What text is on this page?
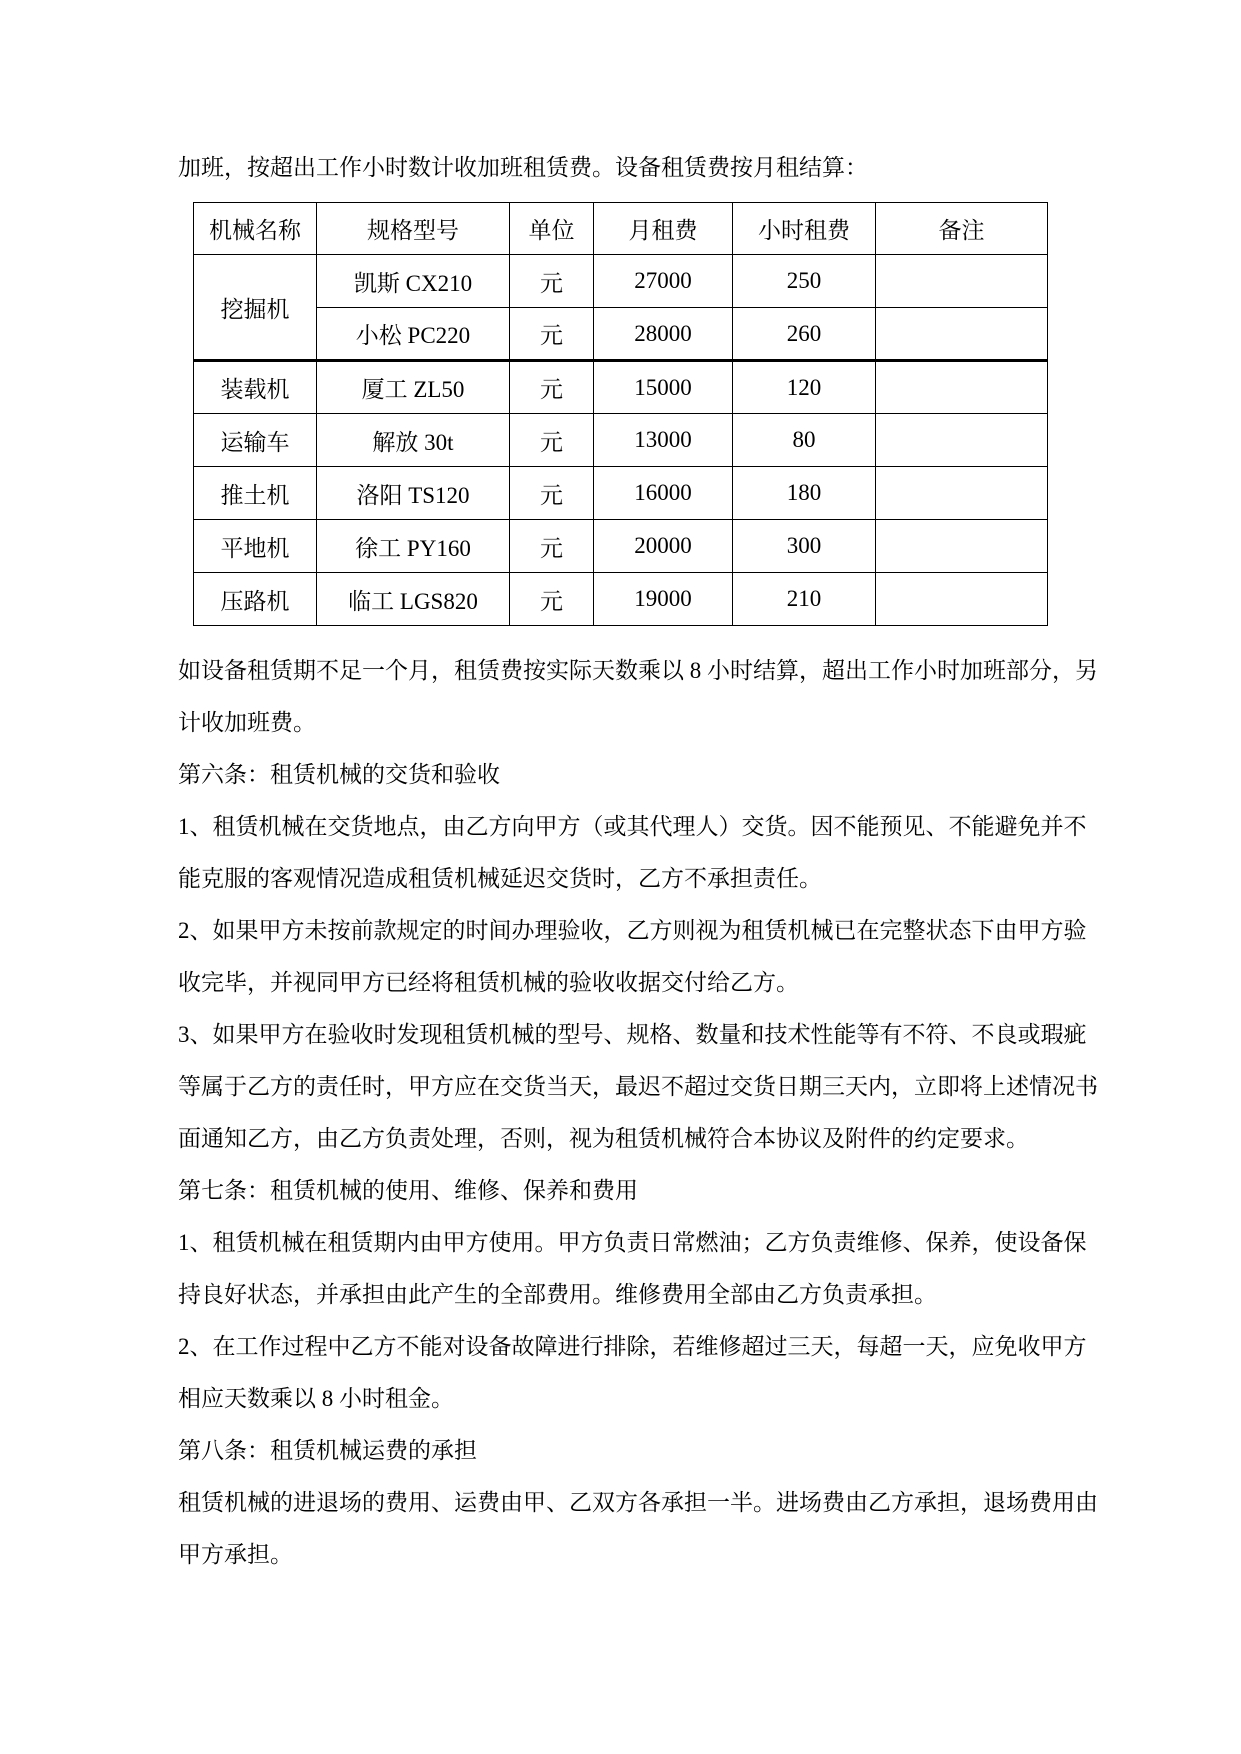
加班，按超出工作小时数计收加班租赁费。设备租赁费按月租结算：

机械名称	规格型号	单位	月租费	小时租费	备注
挖掘机	凯斯 CX210	元	27000	250	
	小松 PC220	元	28000	260	
装载机	厦工 ZL50	元	15000	120	
运输车	解放 30t	元	13000	80	
推土机	洛阳 TS120	元	16000	180	
平地机	徐工 PY160	元	20000	300	
压路机	临工 LGS820	元	19000	210	
如设备租赁期不足一个月，租赁费按实际天数乘以 8 小时结算，超出工作小时加班部分，另
计收加班费。
第六条：租赁机械的交货和验收
1、租赁机械在交货地点，由乙方向甲方（或其代理人）交货。因不能预见、不能避免并不
能克服的客观情况造成租赁机械延迟交货时，乙方不承担责任。
2、如果甲方未按前款规定的时间办理验收，乙方则视为租赁机械已在完整状态下由甲方验
收完毕，并视同甲方已经将租赁机械的验收收据交付给乙方。
3、如果甲方在验收时发现租赁机械的型号、规格、数量和技术性能等有不符、不良或瑕疵
等属于乙方的责任时，甲方应在交货当天，最迟不超过交货日期三天内，立即将上述情况书
面通知乙方，由乙方负责处理，否则，视为租赁机械符合本协议及附件的约定要求。
第七条：租赁机械的使用、维修、保养和费用
1、租赁机械在租赁期内由甲方使用。甲方负责日常燃油；乙方负责维修、保养，使设备保
持良好状态，并承担由此产生的全部费用。维修费用全部由乙方负责承担。
2、在工作过程中乙方不能对设备故障进行排除，若维修超过三天，每超一天，应免收甲方
相应天数乘以 8 小时租金。
第八条：租赁机械运费的承担
租赁机械的进退场的费用、运费由甲、乙双方各承担一半。进场费由乙方承担，退场费用由
甲方承担。
